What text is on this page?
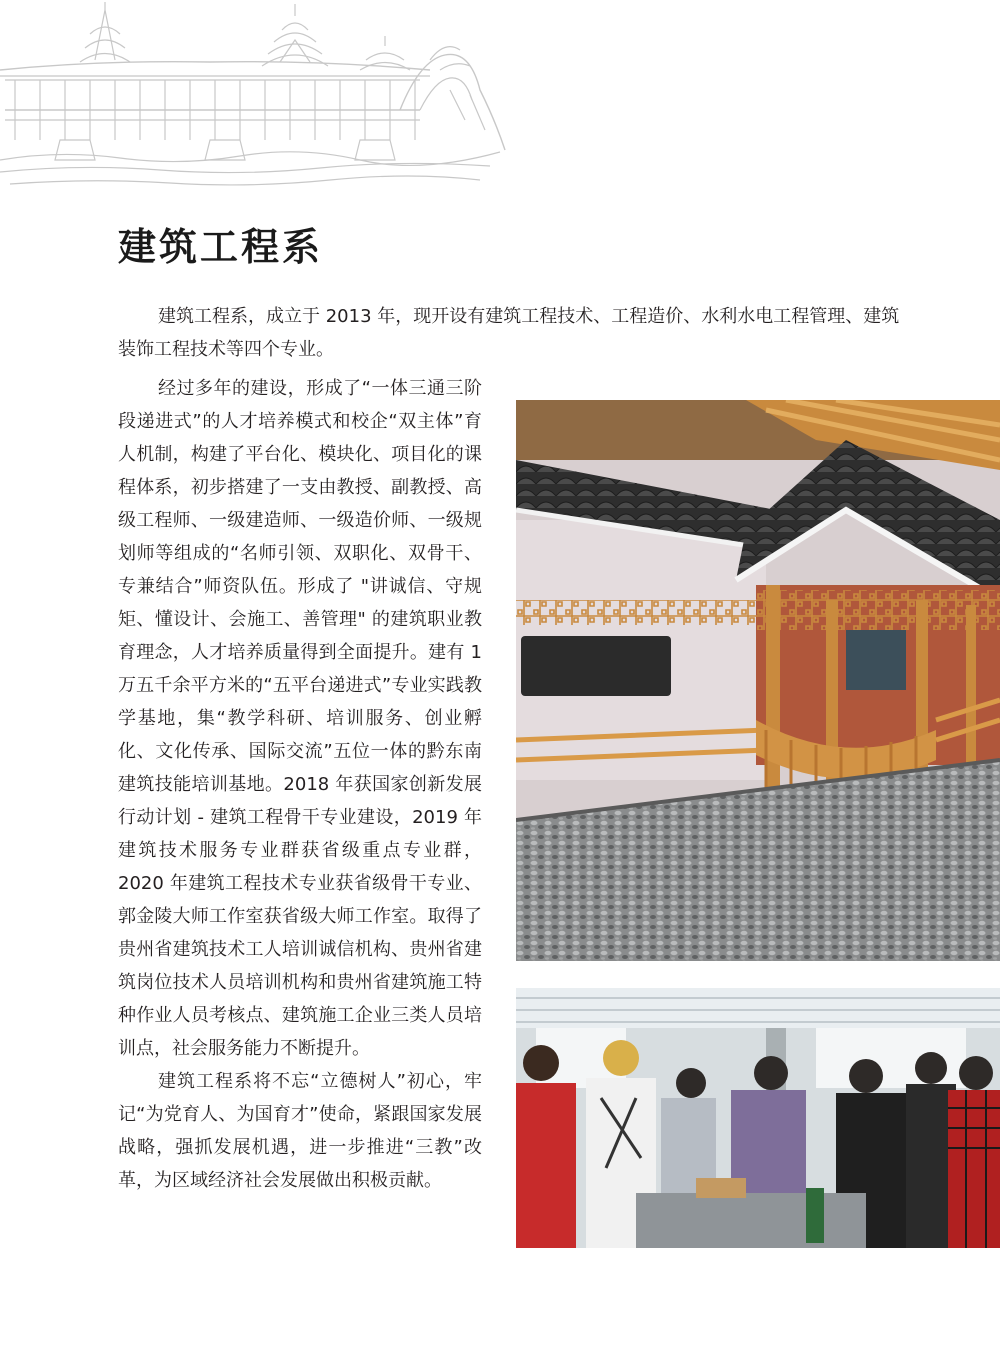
建筑工程系

建筑工程系，成立于 2013 年，现开设有建筑工程技术、工程造价、水利水电工程管理、建筑装饰工程技术等四个专业。

经过多年的建设，形成了“一体三通三阶段递进式”的人才培养模式和校企“双主体”育人机制，构建了平台化、模块化、项目化的课程体系，初步搭建了一支由教授、副教授、高级工程师、一级建造师、一级造价师、一级规划师等组成的“名师引领、双职化、双骨干、专兼结合”师资队伍。形成了 "讲诚信、守规矩、懂设计、会施工、善管理" 的建筑职业教育理念，人才培养质量得到全面提升。建有 1 万五千余平方米的“五平台递进式”专业实践教学基地，集“教学科研、培训服务、创业孵化、文化传承、国际交流”五位一体的黔东南建筑技能培训基地。2018 年获国家创新发展行动计划 - 建筑工程骨干专业建设，2019 年建筑技术服务专业群获省级重点专业群，2020 年建筑工程技术专业获省级骨干专业、郭金陵大师工作室获省级大师工作室。取得了贵州省建筑技术工人培训诚信机构、贵州省建筑岗位技术人员培训机构和贵州省建筑施工特种作业人员考核点、建筑施工企业三类人员培训点，社会服务能力不断提升。

建筑工程系将不忘“立德树人”初心，牢记“为党育人、为国育才”使命，紧跟国家发展战略，强抓发展机遇，进一步推进“三教”改革，为区域经济社会发展做出积极贡献。
